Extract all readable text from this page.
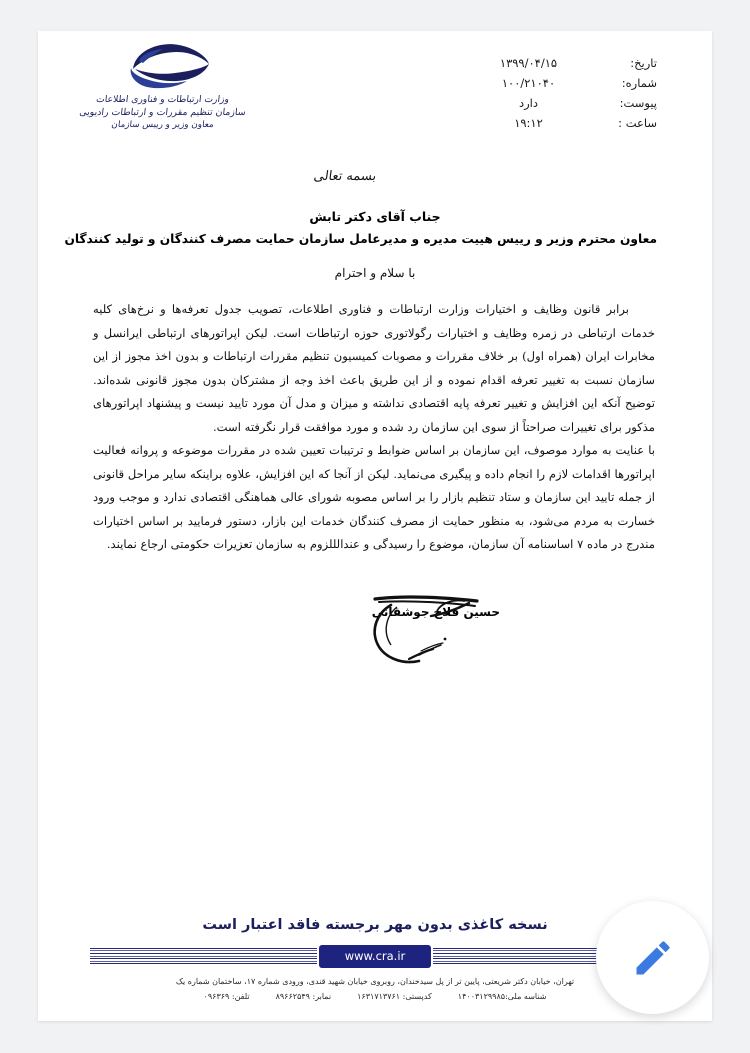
تاریخ:
۱۳۹۹/۰۴/۱۵
شماره:
۱۰۰/۲۱۰۴۰
پیوست:
دارد
ساعت :
۱۹:۱۲
وزارت ارتباطات و فناوری اطلاعات
سازمان تنظیم مقررات و ارتباطات رادیویی
معاون وزیر و رییس سازمان
بسمه تعالی
جناب آقای دکتر تابش
معاون محترم وزیر و رییس هییت مدیره و مدیرعامل سازمان حمایت مصرف کنندگان و تولید کنندگان
با سلام و احترام

برابر قانون وظایف و اختیارات وزارت ارتباطات و فناوری اطلاعات، تصویب جدول تعرفه‌ها و نرخ‌های کلیه خدمات ارتباطی در زمره وظایف و اختیارات رگولاتوری حوزه ارتباطات است. لیکن اپراتورهای ارتباطی ایرانسل و مخابرات ایران (همراه اول) بر خلاف مقررات و مصوبات کمیسیون تنظیم مقررات ارتباطات و بدون اخذ مجوز از این سازمان نسبت به تغییر تعرفه اقدام نموده و از این طریق باعث اخذ وجه از مشترکان بدون مجوز قانونی شده‌اند. توضیح آنکه این افزایش و تغییر تعرفه پایه اقتصادی نداشته و میزان و مدل آن مورد تایید نیست و پیشنهاد اپراتورهای مذکور برای تغییرات صراحتاً از سوی این سازمان رد شده و مورد موافقت قرار نگرفته است.

با عنایت به موارد موصوف، این سازمان بر اساس ضوابط و ترتیبات تعیین شده در مقررات موضوعه و پروانه فعالیت اپراتورها اقدامات لازم را انجام داده و پیگیری می‌نماید. لیکن از آنجا که این افزایش، علاوه براینکه سایر مراحل قانونی از جمله تایید این سازمان و ستاد تنظیم بازار را بر اساس مصوبه شورای عالی هماهنگی اقتصادی ندارد و موجب ورود خسارت به مردم می‌شود، به منظور حمایت از مصرف کنندگان خدمات این بازار، دستور فرمایید بر اساس اختیارات مندرج در ماده ۷ اساسنامه آن سازمان، موضوع را رسیدگی و عندالللزوم به سازمان تعزیرات حکومتی ارجاع نمایند.

حسین فلاح جوشقانی
نسخه کاغذی بدون مهر برجسته فاقد اعتبار است
www.cra.ir
تهران، خیابان دکتر شریعتی، پایین تر از پل سیدخندان، روبروی خیابان شهید قندی، ورودی شماره ۱۷، ساختمان شماره یک
شناسه ملی:۱۴۰۰۳۱۲۹۹۸۵
کدپستی: ۱۶۳۱۷۱۳۷۶۱
نمابر: ۸۹۶۶۲۵۴۹
تلفن: ۰۹۶۳۶۹
